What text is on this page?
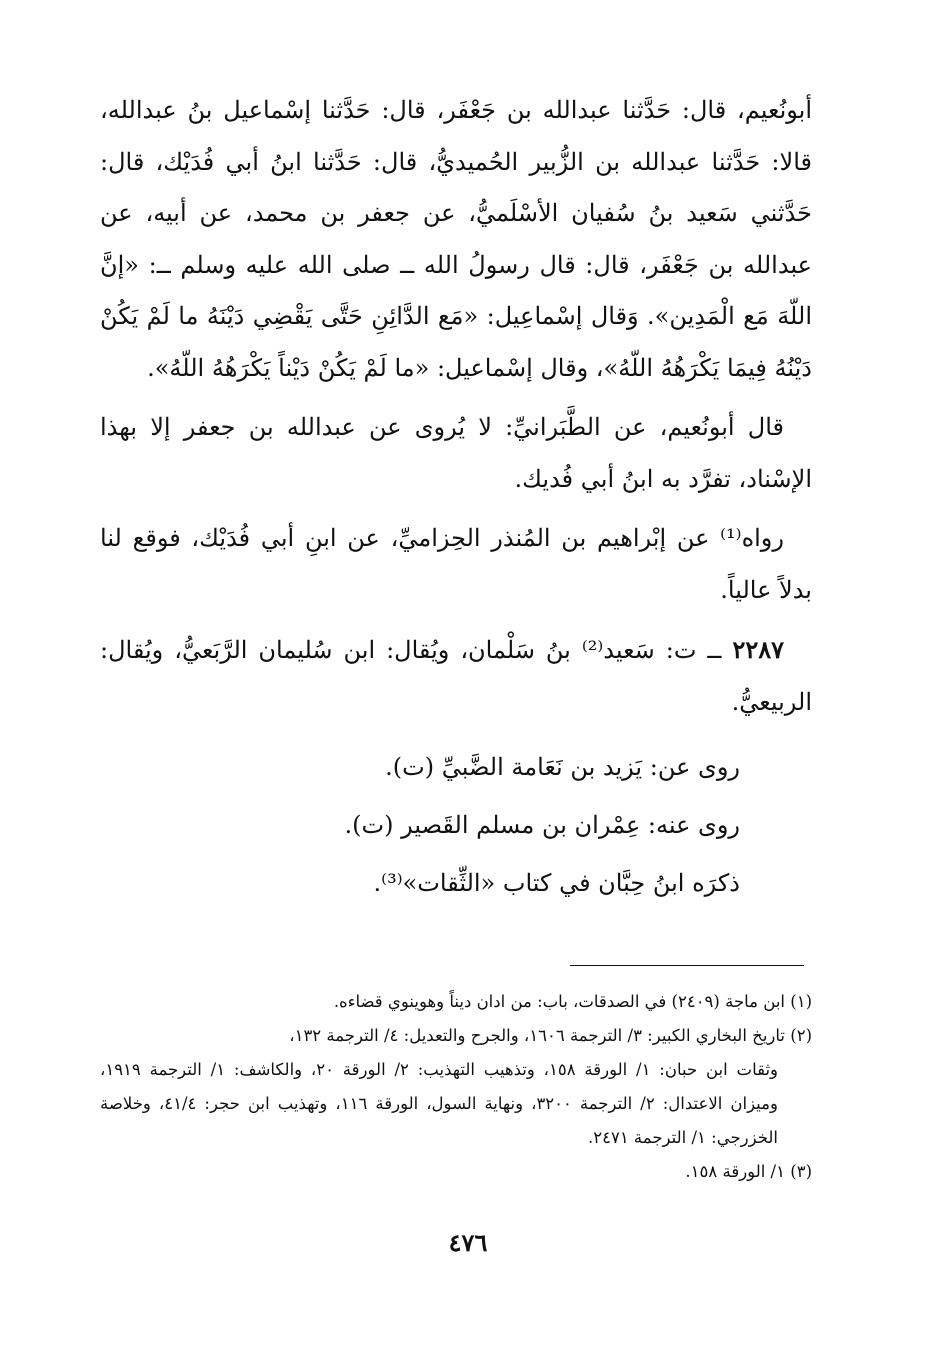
أبونُعيم، قال: حَدَّثنا عبدالله بن جَعْفَر، قال: حَدَّثنا إسْماعيل بنُ عبدالله، قالا: حَدَّثنا عبدالله بن الزُّبير الحُميديُّ، قال: حَدَّثنا ابنُ أبي فُدَيْك، قال: حَدَّثني سَعيد بنُ سُفيان الأسْلَميُّ، عن جعفر بن محمد، عن أبيه، عن عبدالله بن جَعْفَر، قال: قال رسولُ الله ــ صلى الله عليه وسلم ــ: «إنَّ اللّهَ مَع الْمَدِين». وَقال إسْماعِيل: «مَع الدَّائِنِ حَتَّى يَقْضِي دَيْنَهُ ما لَمْ يَكُنْ دَيْنُهُ فِيمَا يَكْرَهُهُ اللّهُ»، وقال إسْماعيل: «ما لَمْ يَكُنْ دَيْناً يَكْرَهُهُ اللّهُ».

قال أبونُعيم، عن الطَّبَرانيِّ: لا يُروى عن عبدالله بن جعفر إلا بهذا الإسْناد، تفرَّد به ابنُ أبي فُديك.

رواه⁽¹⁾ عن إبْراهيم بن المُنذر الحِزاميِّ، عن ابنِ أبي فُدَيْك، فوقع لنا بدلاً عالياً.

٢٢٨٧ ــ ت: سَعيد⁽²⁾ بنُ سَلْمان، ويُقال: ابن سُليمان الرَّبَعيُّ، ويُقال: الربيعيُّ.

روى عن: يَزيد بن نَعَامة الضَّبيِّ (ت).

روى عنه: عِمْران بن مسلم القَصير (ت).

ذكرَه ابنُ حِبَّان في كتاب «الثِّقات»⁽³⁾.

(١) ابن ماجة (٢٤٠٩) في الصدقات، باب: من ادان ديناً وهوينوي قضاءه.

(٢) تاريخ البخاري الكبير: ٣/ الترجمة ١٦٠٦، والجرح والتعديل: ٤/ الترجمة ١٣٢،

وثقات ابن حبان: ١/ الورقة ١٥٨، وتذهيب التهذيب: ٢/ الورقة ٢٠، والكاشف: ١/ الترجمة ١٩١٩، وميزان الاعتدال: ٢/ الترجمة ٣٢٠٠، ونهاية السول، الورقة ١١٦، وتهذيب ابن حجر: ٤١/٤، وخلاصة الخزرجي: ١/ الترجمة ٢٤٧١.

(٣) ١/ الورقة ١٥٨.

٤٧٦
